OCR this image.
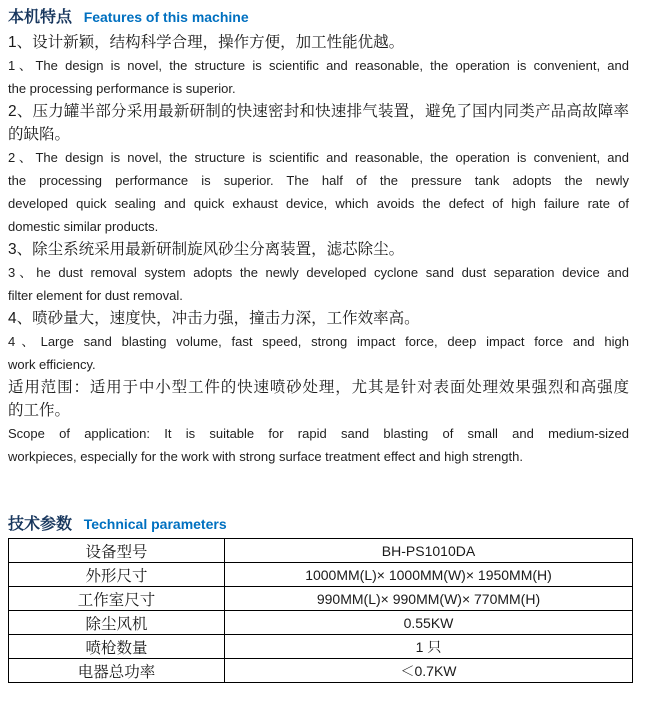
本机特点 Features of this machine
1、设计新颖，结构科学合理，操作方便，加工性能优越。
1、The design is novel, the structure is scientific and reasonable, the operation is convenient, and
the processing performance is superior.
2、压力罐半部分采用最新研制的快速密封和快速排气装置，避免了国内同类产品高故障率
的缺陷。
2、The design is novel, the structure is scientific and reasonable, the operation is convenient, and
the processing performance is superior. The half of the pressure tank adopts the newly
developed quick sealing and quick exhaust device, which avoids the defect of high failure rate of
domestic similar products.
3、除尘系统采用最新研制旋风砂尘分离装置，滤芯除尘。
3、he dust removal system adopts the newly developed cyclone sand dust separation device and
filter element for dust removal.
4、喷砂量大，速度快，冲击力强，撞击力深，工作效率高。
4、Large sand blasting volume, fast speed, strong impact force, deep impact force and high
work efficiency.
适用范围：适用于中小型工件的快速喷砂处理，尤其是针对表面处理效果强烈和高强度
的工作。
Scope of application: It is suitable for rapid sand blasting of small and medium-sized
workpieces, especially for the work with strong surface treatment effect and high strength.
技术参数 Technical parameters
设备型号	BH-PS1010DA
外形尺寸	1000MM(L)× 1000MM(W)× 1950MM(H)
工作室尺寸	990MM(L)× 990MM(W)× 770MM(H)
除尘风机	0.55KW
喷枪数量	1 只
电器总功率	＜0.7KW
